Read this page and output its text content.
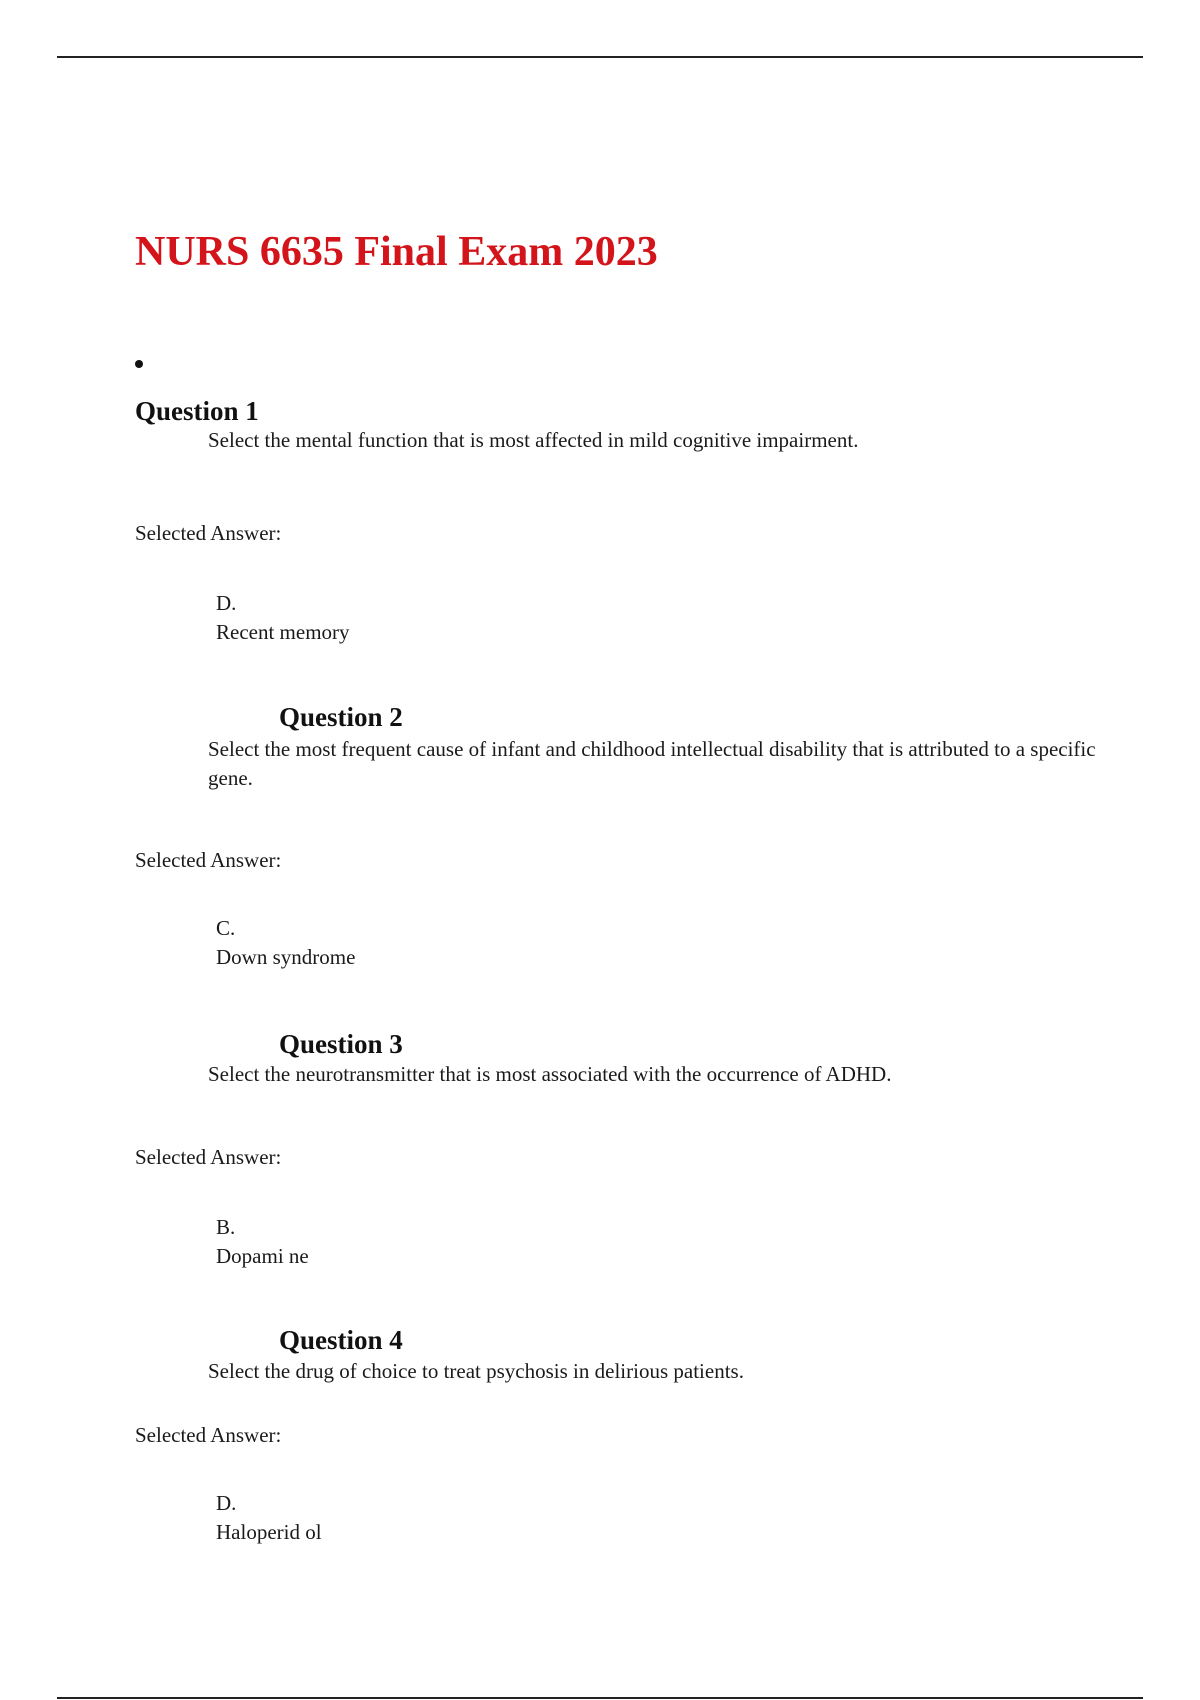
NURS 6635 Final Exam 2023
Question 1

Select the mental function that is most affected in mild cognitive impairment.

Selected Answer:

D.

Recent memory

Question 2

Select the most frequent cause of infant and childhood intellectual disability that is attributed to a specific gene.

Selected Answer:

C.

Down syndrome

Question 3

Select the neurotransmitter that is most associated with the occurrence of ADHD.

Selected Answer:

B.

Dopami ne

Question 4

Select the drug of choice to treat psychosis in delirious patients.

Selected Answer:

D.

Haloperid ol
